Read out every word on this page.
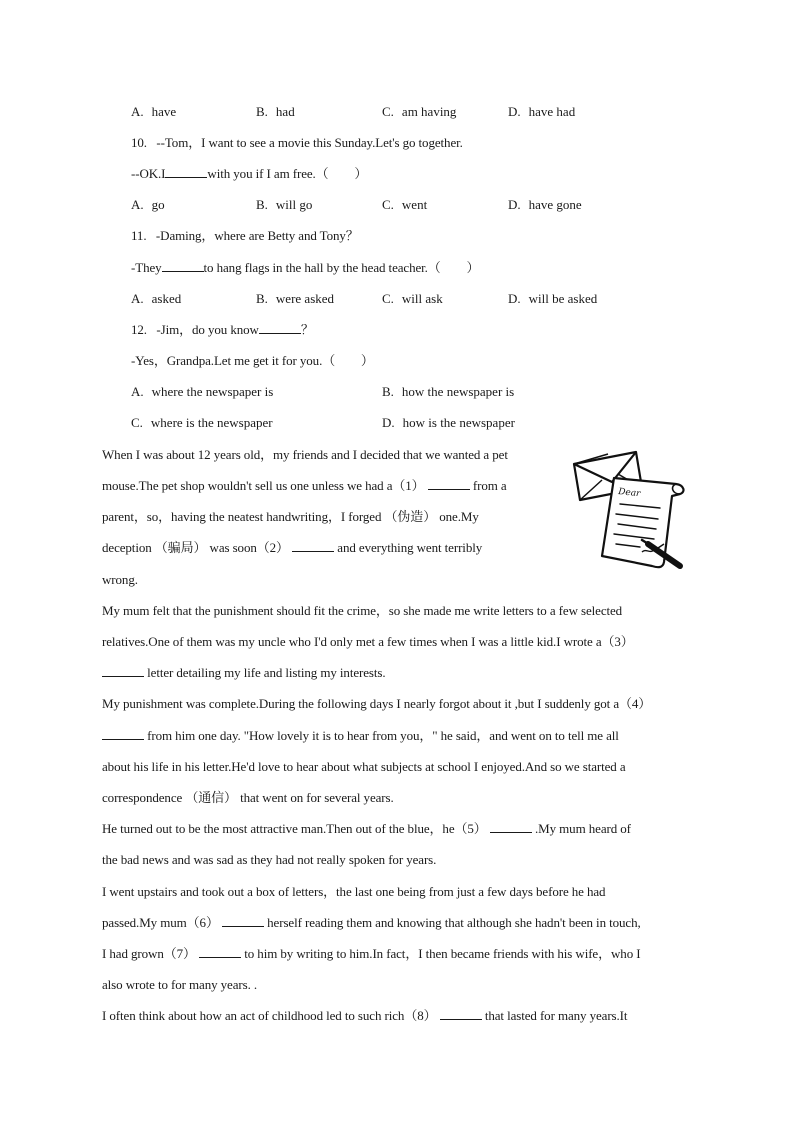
A. have	B. had	C. am having	D. have had
10. --Tom，I want to see a movie this Sunday.Let's go together.
--OK.I	with you if I am free.（　　）
A. go	B. will go	C. went	D. have gone
11. -Daming，where are Betty and Tony？
-They	to hang flags in the hall by the head teacher.（　　）
A. asked	B. were asked	C. will ask	D. will be asked
12. -Jim，do you know	？
-Yes，Grandpa.Let me get it for you.（　　）
A. where the newspaper is	B. how the newspaper is
C. where is the newspaper	D. how is the newspaper
When I was about 12 years old，my friends and I decided that we wanted a pet
mouse.The pet shop wouldn't sell us one unless we had a（1）	from a
parent，so，having the neatest handwriting，I forged （伪造） one.My
deception （骗局） was soon（2）	and everything went terribly
wrong.
Dear
My mum felt that the punishment should fit the crime，so she made me write letters to a few selected
relatives.One of them was my uncle who I'd only met a few times when I was a little kid.I wrote a（3）
letter detailing my life and listing my interests.
My punishment was complete.During the following days I nearly forgot about it ,but I suddenly got a（4）
from him one day. "How lovely it is to hear from you，" he said，and went on to tell me all
about his life in his letter.He'd love to hear about what subjects at school I enjoyed.And so we started a
correspondence （通信） that went on for several years.
He turned out to be the most attractive man.Then out of the blue，he（5）	.My mum heard of
the bad news and was sad as they had not really spoken for years.
I went upstairs and took out a box of letters，the last one being from just a few days before he had
passed.My mum（6）	herself reading them and knowing that although she hadn't been in touch,
I had grown（7）	to him by writing to him.In fact，I then became friends with his wife，who I
also wrote to for many years. .
I often think about how an act of childhood led to such rich（8）	that lasted for many years.It
